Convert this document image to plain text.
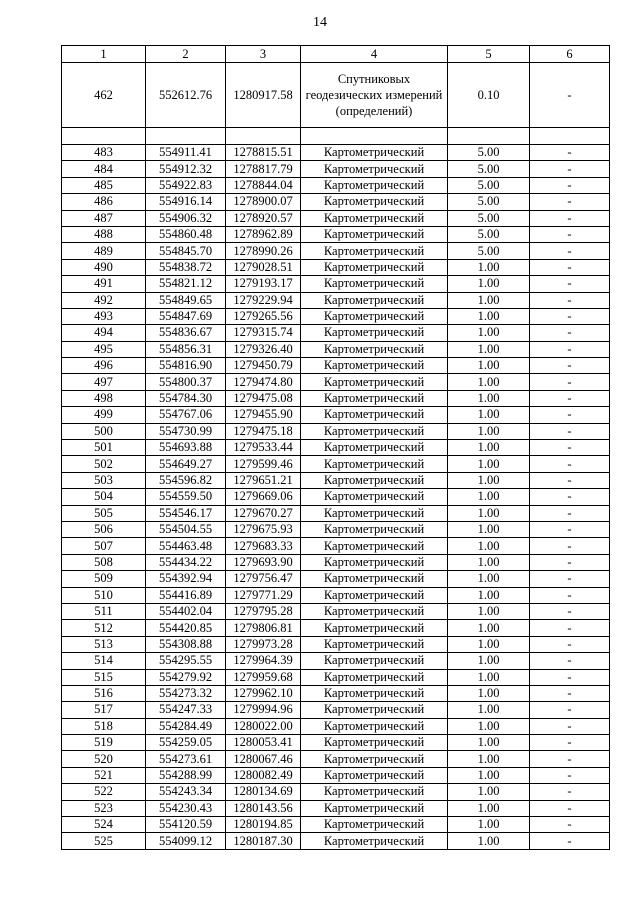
14
1	2	3	4	5	6
462	552612.76	1280917.58	Спутниковых геодезических измерений (определений)	0.10	-

483	554911.41	1278815.51	Картометрический	5.00	-
484	554912.32	1278817.79	Картометрический	5.00	-
485	554922.83	1278844.04	Картометрический	5.00	-
486	554916.14	1278900.07	Картометрический	5.00	-
487	554906.32	1278920.57	Картометрический	5.00	-
488	554860.48	1278962.89	Картометрический	5.00	-
489	554845.70	1278990.26	Картометрический	5.00	-
490	554838.72	1279028.51	Картометрический	1.00	-
491	554821.12	1279193.17	Картометрический	1.00	-
492	554849.65	1279229.94	Картометрический	1.00	-
493	554847.69	1279265.56	Картометрический	1.00	-
494	554836.67	1279315.74	Картометрический	1.00	-
495	554856.31	1279326.40	Картометрический	1.00	-
496	554816.90	1279450.79	Картометрический	1.00	-
497	554800.37	1279474.80	Картометрический	1.00	-
498	554784.30	1279475.08	Картометрический	1.00	-
499	554767.06	1279455.90	Картометрический	1.00	-
500	554730.99	1279475.18	Картометрический	1.00	-
501	554693.88	1279533.44	Картометрический	1.00	-
502	554649.27	1279599.46	Картометрический	1.00	-
503	554596.82	1279651.21	Картометрический	1.00	-
504	554559.50	1279669.06	Картометрический	1.00	-
505	554546.17	1279670.27	Картометрический	1.00	-
506	554504.55	1279675.93	Картометрический	1.00	-
507	554463.48	1279683.33	Картометрический	1.00	-
508	554434.22	1279693.90	Картометрический	1.00	-
509	554392.94	1279756.47	Картометрический	1.00	-
510	554416.89	1279771.29	Картометрический	1.00	-
511	554402.04	1279795.28	Картометрический	1.00	-
512	554420.85	1279806.81	Картометрический	1.00	-
513	554308.88	1279973.28	Картометрический	1.00	-
514	554295.55	1279964.39	Картометрический	1.00	-
515	554279.92	1279959.68	Картометрический	1.00	-
516	554273.32	1279962.10	Картометрический	1.00	-
517	554247.33	1279994.96	Картометрический	1.00	-
518	554284.49	1280022.00	Картометрический	1.00	-
519	554259.05	1280053.41	Картометрический	1.00	-
520	554273.61	1280067.46	Картометрический	1.00	-
521	554288.99	1280082.49	Картометрический	1.00	-
522	554243.34	1280134.69	Картометрический	1.00	-
523	554230.43	1280143.56	Картометрический	1.00	-
524	554120.59	1280194.85	Картометрический	1.00	-
525	554099.12	1280187.30	Картометрический	1.00	-
